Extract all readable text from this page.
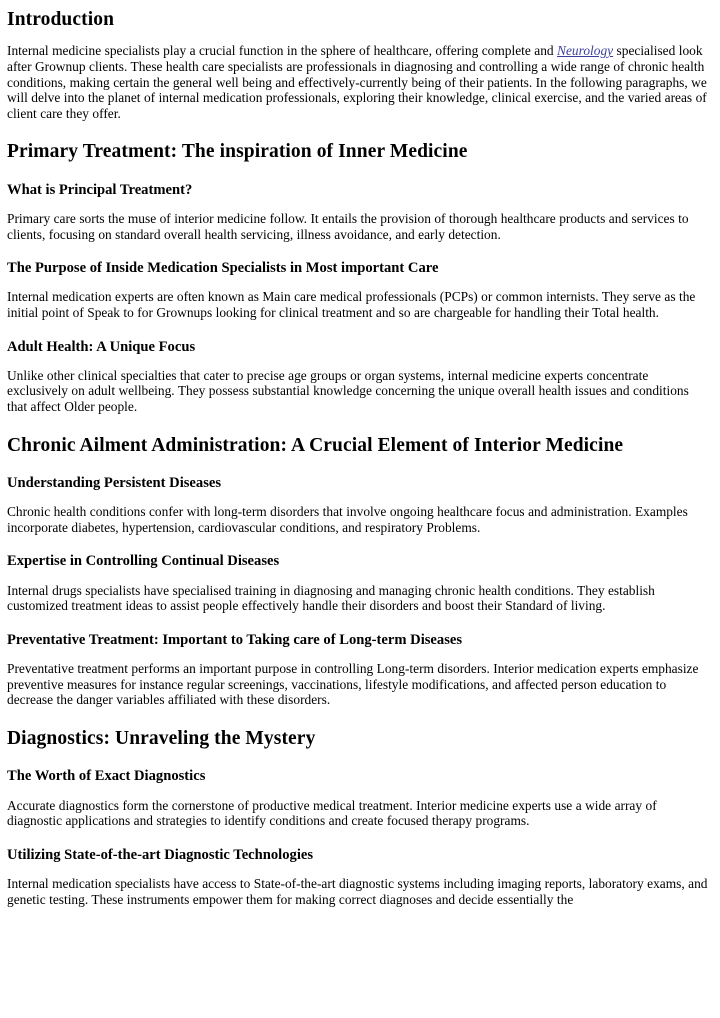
Introduction

Internal medicine specialists play a crucial function in the sphere of healthcare, offering complete and Neurology specialised look after Grownup clients. These health care specialists are professionals in diagnosing and controlling a wide range of chronic health conditions, making certain the general well being and effectively-currently being of their patients. In the following paragraphs, we will delve into the planet of internal medication professionals, exploring their knowledge, clinical exercise, and the varied areas of client care they offer.

Primary Treatment: The inspiration of Inner Medicine
What is Principal Treatment?

Primary care sorts the muse of interior medicine follow. It entails the provision of thorough healthcare products and services to clients, focusing on standard overall health servicing, illness avoidance, and early detection.

The Purpose of Inside Medication Specialists in Most important Care

Internal medication experts are often known as Main care medical professionals (PCPs) or common internists. They serve as the initial point of Speak to for Grownups looking for clinical treatment and so are chargeable for handling their Total health.

Adult Health: A Unique Focus

Unlike other clinical specialties that cater to precise age groups or organ systems, internal medicine experts concentrate exclusively on adult wellbeing. They possess substantial knowledge concerning the unique overall health issues and conditions that affect Older people.

Chronic Ailment Administration: A Crucial Element of Interior Medicine
Understanding Persistent Diseases

Chronic health conditions confer with long-term disorders that involve ongoing healthcare focus and administration. Examples incorporate diabetes, hypertension, cardiovascular conditions, and respiratory Problems.

Expertise in Controlling Continual Diseases

Internal drugs specialists have specialised training in diagnosing and managing chronic health conditions. They establish customized treatment ideas to assist people effectively handle their disorders and boost their Standard of living.

Preventative Treatment: Important to Taking care of Long-term Diseases

Preventative treatment performs an important purpose in controlling Long-term disorders. Interior medication experts emphasize preventive measures for instance regular screenings, vaccinations, lifestyle modifications, and affected person education to decrease the danger variables affiliated with these disorders.

Diagnostics: Unraveling the Mystery
The Worth of Exact Diagnostics

Accurate diagnostics form the cornerstone of productive medical treatment. Interior medicine experts use a wide array of diagnostic applications and strategies to identify conditions and create focused therapy programs.

Utilizing State-of-the-art Diagnostic Technologies

Internal medication specialists have access to State-of-the-art diagnostic systems including imaging reports, laboratory exams, and genetic testing. These instruments empower them for making correct diagnoses and decide essentially the
